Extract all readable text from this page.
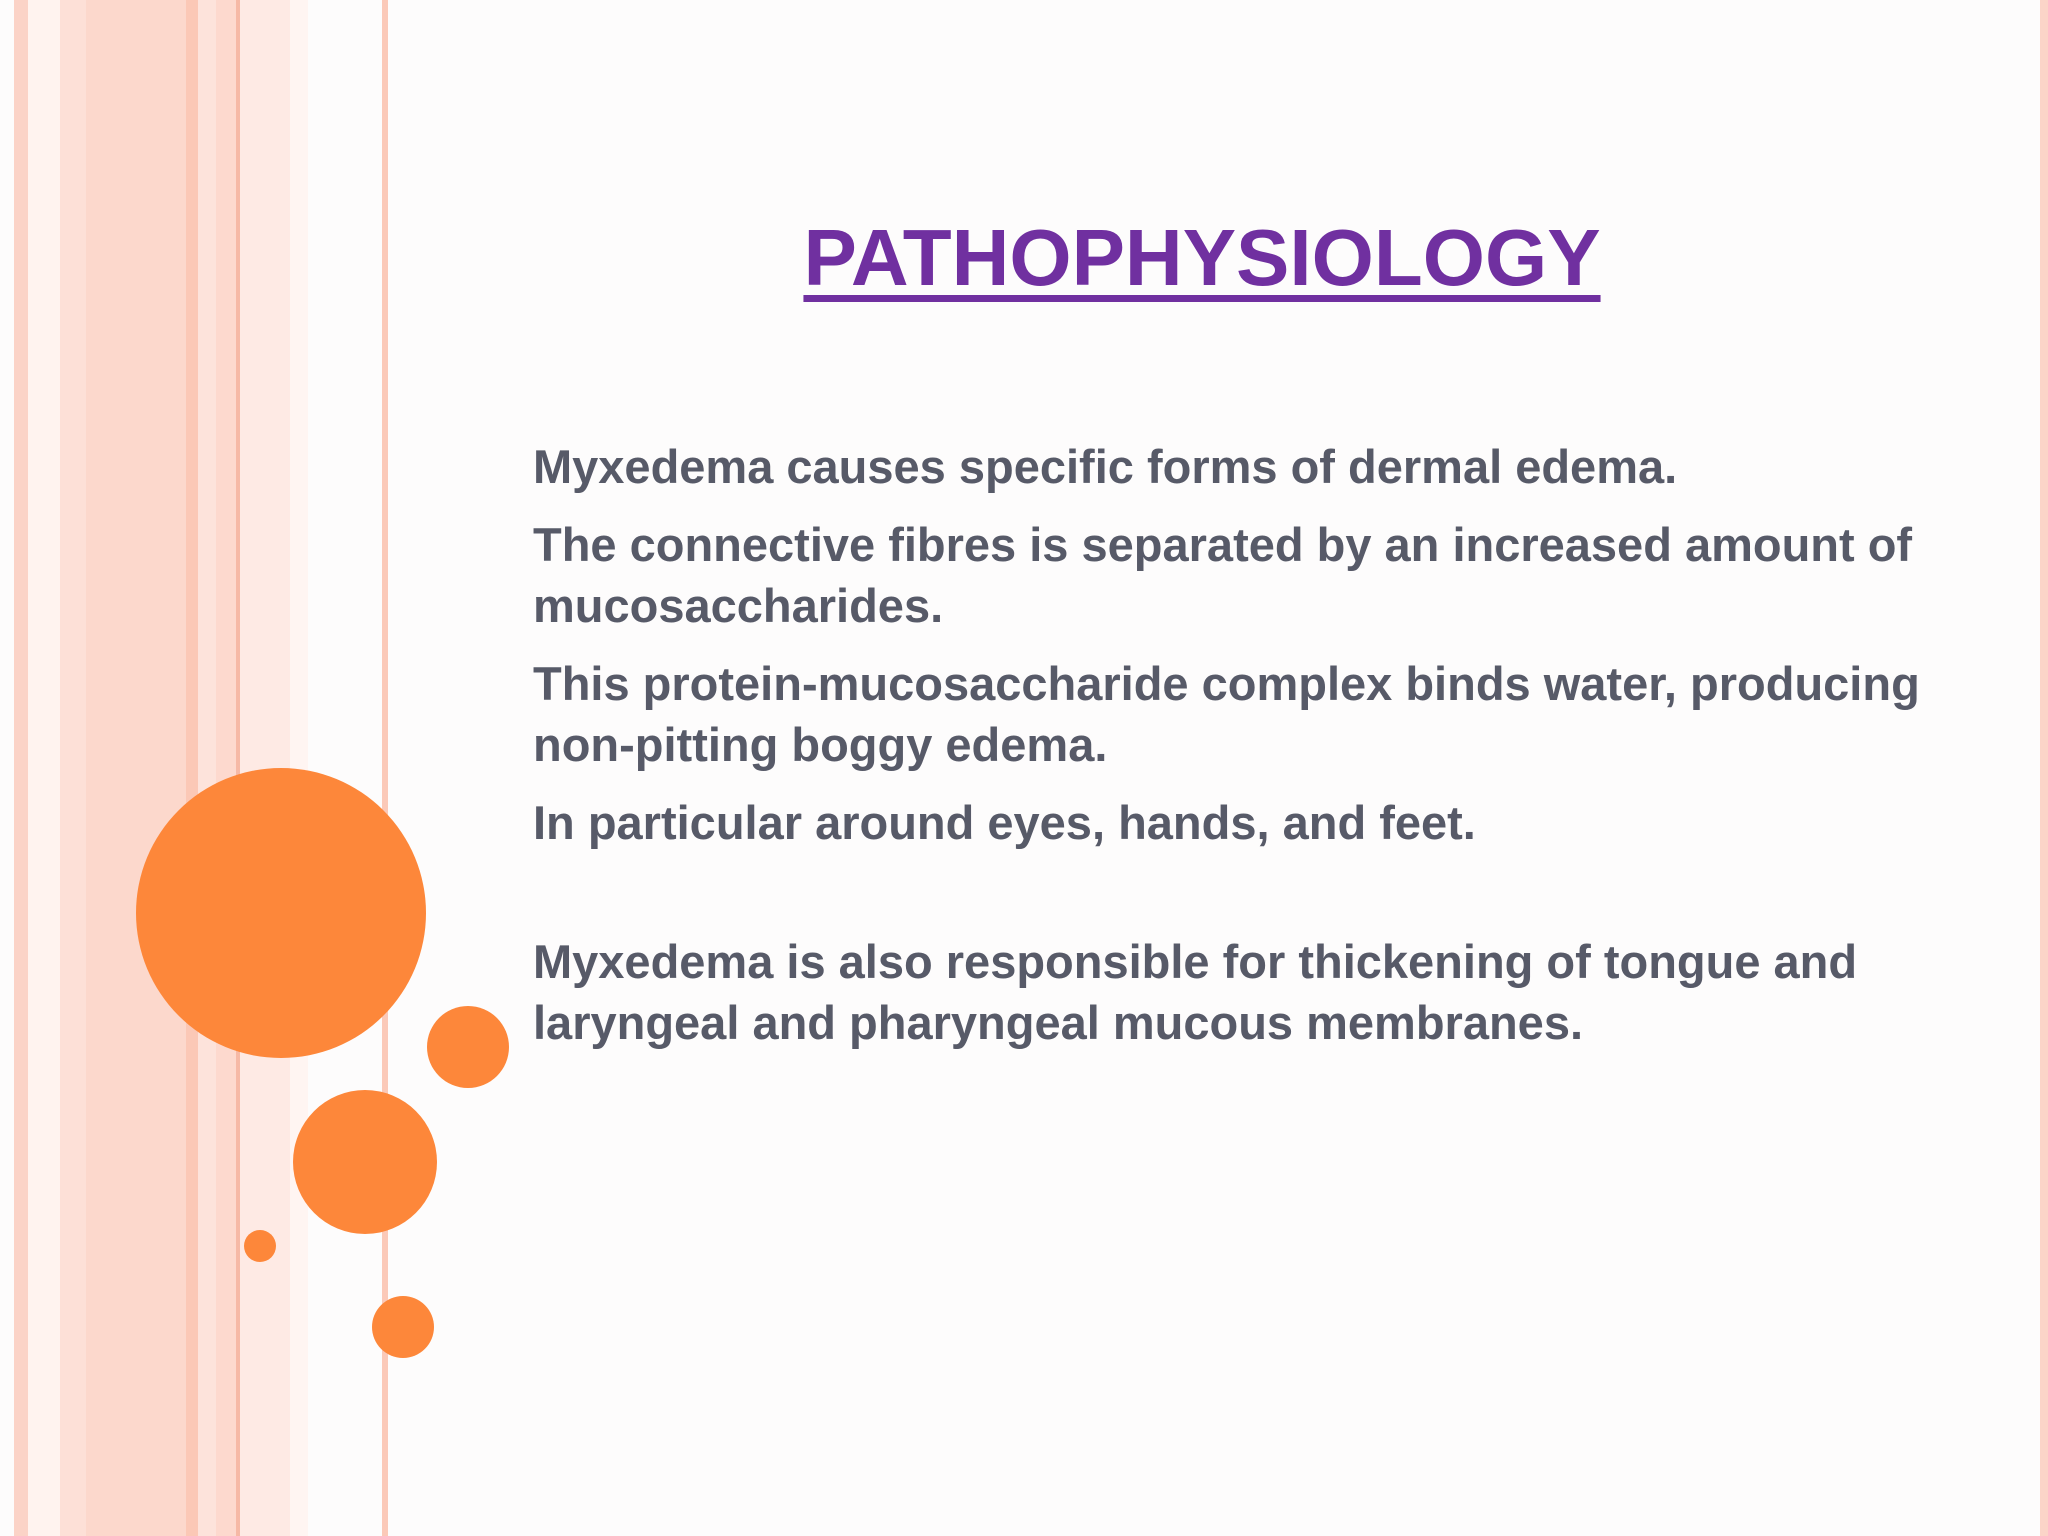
PATHOPHYSIOLOGY

Myxedema causes specific forms of dermal edema.

The connective fibres is separated by an increased amount of mucosaccharides.

This protein-mucosaccharide complex binds water, producing non-pitting boggy edema.

In particular around eyes, hands, and feet.

Myxedema is also responsible for thickening of tongue and laryngeal and pharyngeal mucous membranes.
